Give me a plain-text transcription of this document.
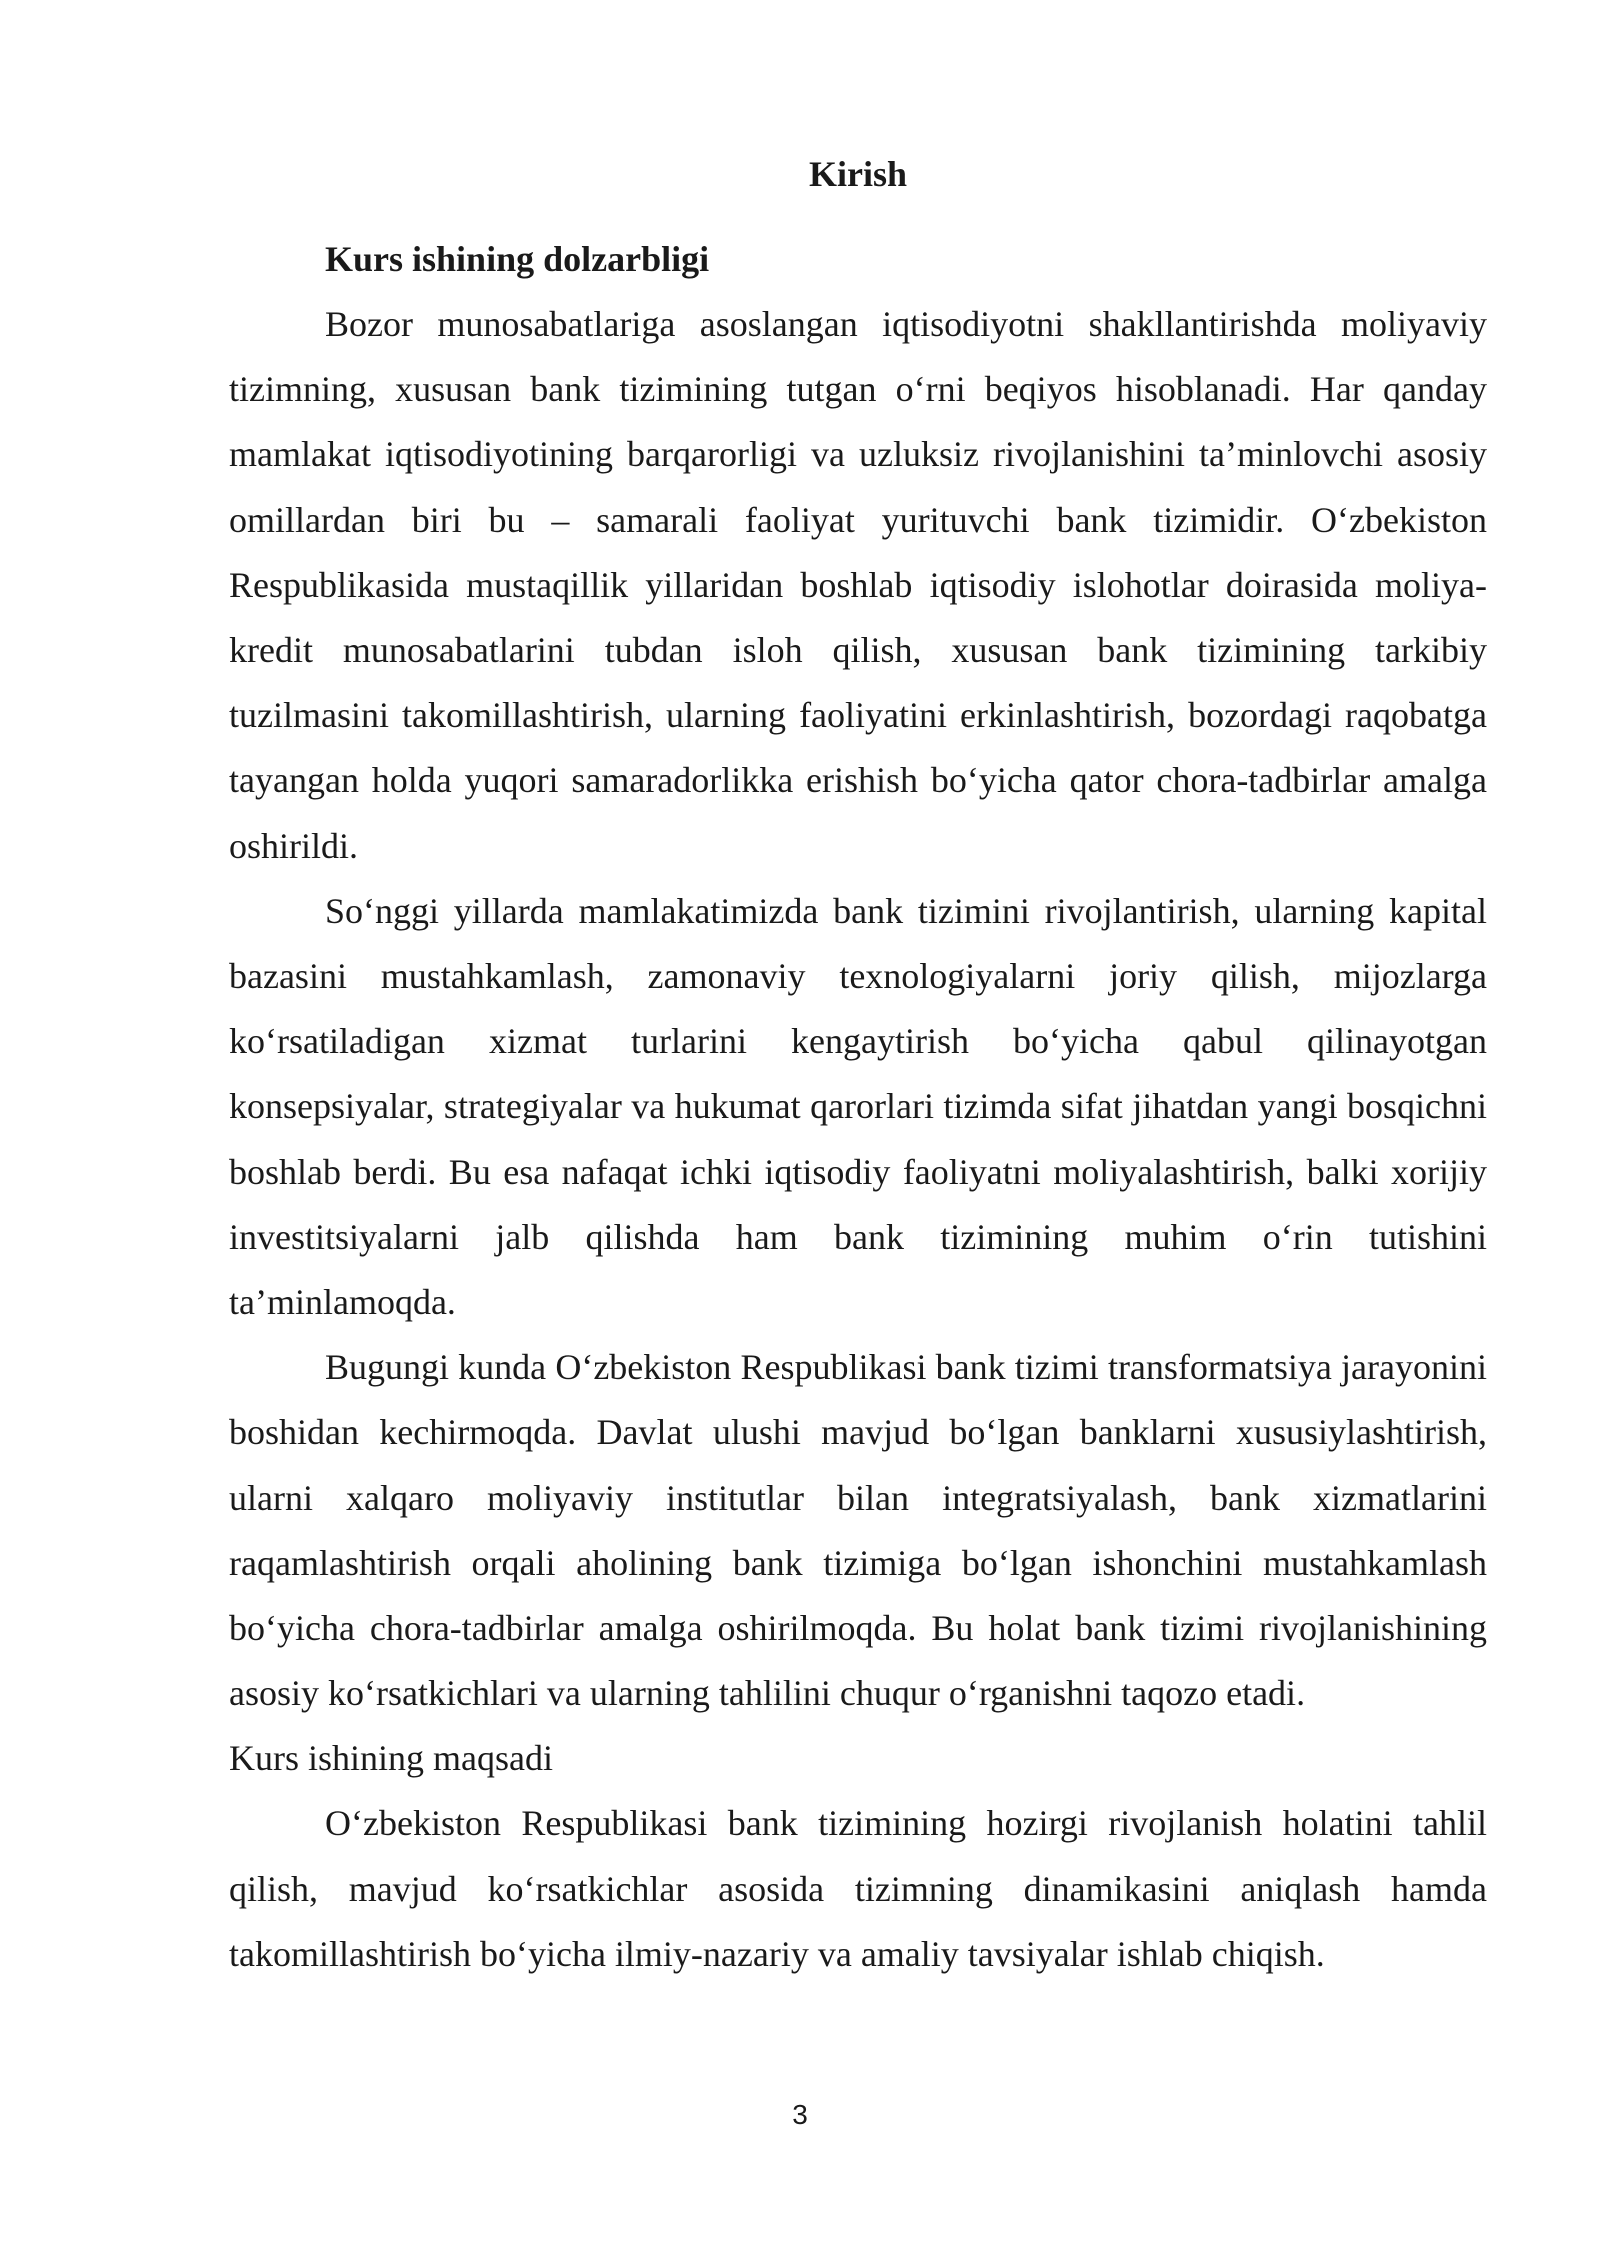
Kirish
Kurs ishining dolzarbligi

Bozor munosabatlariga asoslangan iqtisodiyotni shakllantirishda moliyaviy tizimning, xususan bank tizimining tutgan o‘rni beqiyos hisoblanadi. Har qanday mamlakat iqtisodiyotining barqarorligi va uzluksiz rivojlanishini ta’minlovchi asosiy omillardan biri bu – samarali faoliyat yurituvchi bank tizimidir. O‘zbekiston Respublikasida mustaqillik yillaridan boshlab iqtisodiy islohotlar doirasida moliya-kredit munosabatlarini tubdan isloh qilish, xususan bank tizimining tarkibiy tuzilmasini takomillashtirish, ularning faoliyatini erkinlashtirish, bozordagi raqobatga tayangan holda yuqori samaradorlikka erishish bo‘yicha qator chora-tadbirlar amalga oshirildi.

So‘nggi yillarda mamlakatimizda bank tizimini rivojlantirish, ularning kapital bazasini mustahkamlash, zamonaviy texnologiyalarni joriy qilish, mijozlarga ko‘rsatiladigan xizmat turlarini kengaytirish bo‘yicha qabul qilinayotgan konsepsiyalar, strategiyalar va hukumat qarorlari tizimda sifat jihatdan yangi bosqichni boshlab berdi. Bu esa nafaqat ichki iqtisodiy faoliyatni moliyalashtirish, balki xorijiy investitsiyalarni jalb qilishda ham bank tizimining muhim o‘rin tutishini ta’minlamoqda.

Bugungi kunda O‘zbekiston Respublikasi bank tizimi transformatsiya jarayonini boshidan kechirmoqda. Davlat ulushi mavjud bo‘lgan banklarni xususiylashtirish, ularni xalqaro moliyaviy institutlar bilan integratsiyalash, bank xizmatlarini raqamlashtirish orqali aholining bank tizimiga bo‘lgan ishonchini mustahkamlash bo‘yicha chora-tadbirlar amalga oshirilmoqda. Bu holat bank tizimi rivojlanishining asosiy ko‘rsatkichlari va ularning tahlilini chuqur o‘rganishni taqozo etadi.

Kurs ishining maqsadi

O‘zbekiston Respublikasi bank tizimining hozirgi rivojlanish holatini tahlil qilish, mavjud ko‘rsatkichlar asosida tizimning dinamikasini aniqlash hamda takomillashtirish bo‘yicha ilmiy-nazariy va amaliy tavsiyalar ishlab chiqish.

3
